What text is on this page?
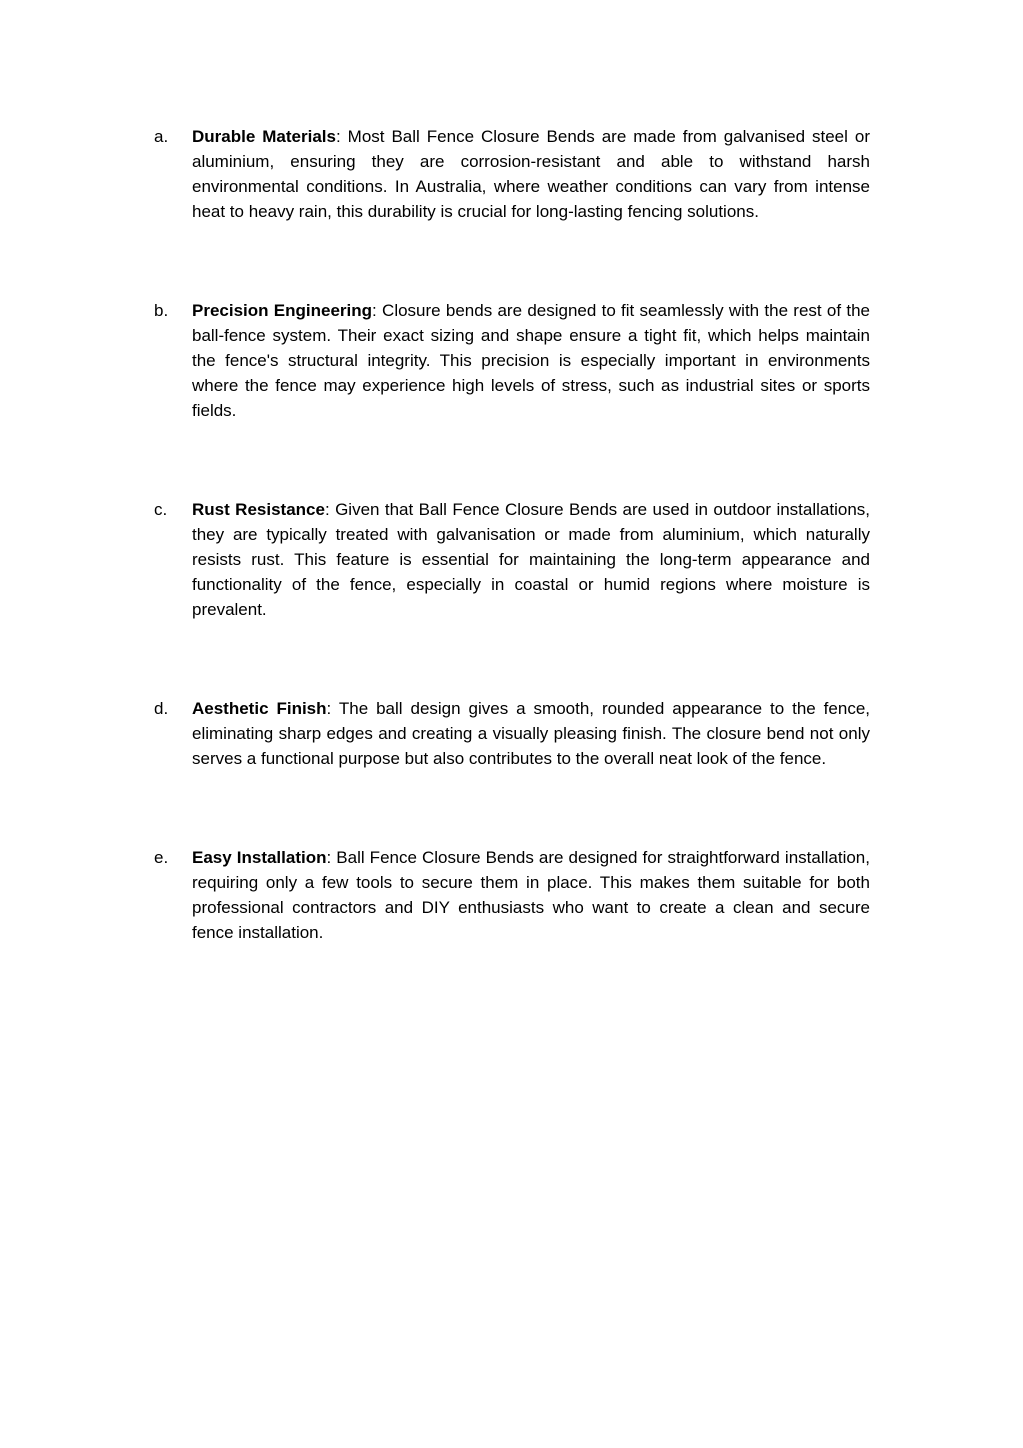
a.	Durable Materials: Most Ball Fence Closure Bends are made from galvanised steel or aluminium, ensuring they are corrosion-resistant and able to withstand harsh environmental conditions. In Australia, where weather conditions can vary from intense heat to heavy rain, this durability is crucial for long-lasting fencing solutions.

b.	Precision Engineering: Closure bends are designed to fit seamlessly with the rest of the ball-fence system. Their exact sizing and shape ensure a tight fit, which helps maintain the fence's structural integrity. This precision is especially important in environments where the fence may experience high levels of stress, such as industrial sites or sports fields.

c.	Rust Resistance: Given that Ball Fence Closure Bends are used in outdoor installations, they are typically treated with galvanisation or made from aluminium, which naturally resists rust. This feature is essential for maintaining the long-term appearance and functionality of the fence, especially in coastal or humid regions where moisture is prevalent.

d.	Aesthetic Finish: The ball design gives a smooth, rounded appearance to the fence, eliminating sharp edges and creating a visually pleasing finish. The closure bend not only serves a functional purpose but also contributes to the overall neat look of the fence.

e.	Easy Installation: Ball Fence Closure Bends are designed for straightforward installation, requiring only a few tools to secure them in place. This makes them suitable for both professional contractors and DIY enthusiasts who want to create a clean and secure fence installation.
